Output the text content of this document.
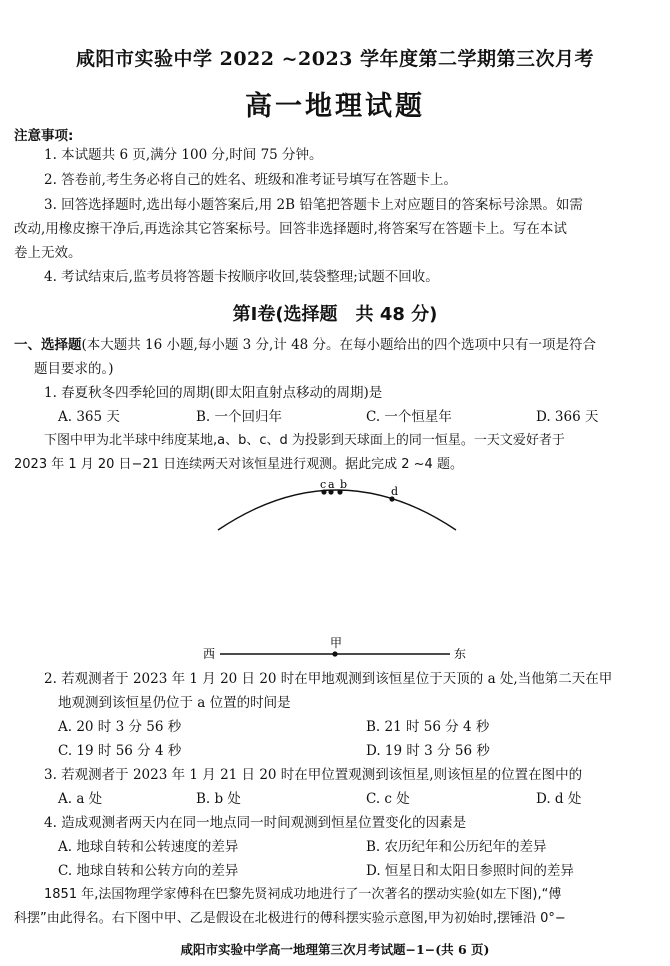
咸阳市实验中学 2022 ~2023 学年度第二学期第三次月考
高一地理试题
注意事项:
1. 本试题共 6 页,满分 100 分,时间 75 分钟。
2. 答卷前,考生务必将自己的姓名、班级和准考证号填写在答题卡上。
3. 回答选择题时,选出每小题答案后,用 2B 铅笔把答题卡上对应题目的答案标号涂黑。如需
改动,用橡皮擦干净后,再选涂其它答案标号。回答非选择题时,将答案写在答题卡上。写在本试
卷上无效。
4. 考试结束后,监考员将答题卡按顺序收回,装袋整理;试题不回收。
第Ⅰ卷(选择题　共 48 分)
一、选择题(本大题共 16 小题,每小题 3 分,计 48 分。在每小题给出的四个选项中只有一项是符合
题目要求的。)
1. 春夏秋冬四季轮回的周期(即太阳直射点移动的周期)是
A. 365 天	B. 一个回归年	C. 一个恒星年	D. 366 天
下图中甲为北半球中纬度某地,a、b、c、d 为投影到天球面上的同一恒星。一天文爱好者于
2023 年 1 月 20 日−21 日连续两天对该恒星进行观测。据此完成 2 ~4 题。
c a b
d
西	东
甲
2. 若观测者于 2023 年 1 月 20 日 20 时在甲地观测到该恒星位于天顶的 a 处,当他第二天在甲
地观测到该恒星仍位于 a 位置的时间是
A. 20 时 3 分 56 秒	B. 21 时 56 分 4 秒
C. 19 时 56 分 4 秒	D. 19 时 3 分 56 秒
3. 若观测者于 2023 年 1 月 21 日 20 时在甲位置观测到该恒星,则该恒星的位置在图中的
A. a 处	B. b 处	C. c 处	D. d 处
4. 造成观测者两天内在同一地点同一时间观测到恒星位置变化的因素是
A. 地球自转和公转速度的差异	B. 农历纪年和公历纪年的差异
C. 地球自转和公转方向的差异	D. 恒星日和太阳日参照时间的差异
1851 年,法国物理学家傅科在巴黎先贤祠成功地进行了一次著名的摆动实验(如左下图),“傅
科摆”由此得名。右下图中甲、乙是假设在北极进行的傅科摆实验示意图,甲为初始时,摆锤沿 0°−
咸阳市实验中学高一地理第三次月考试题−1−(共 6 页)
